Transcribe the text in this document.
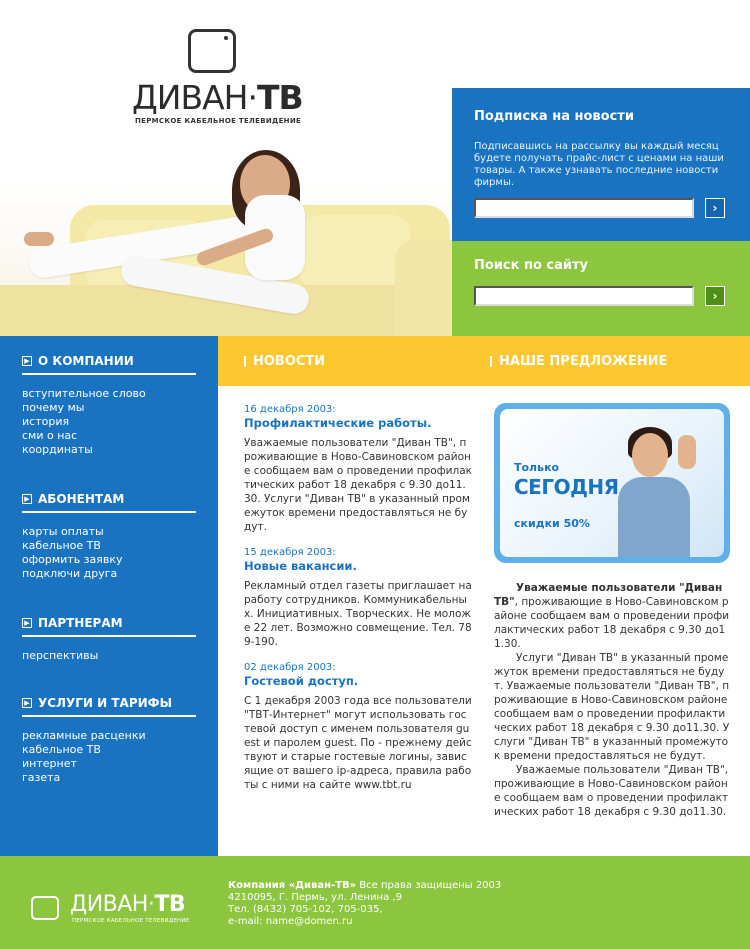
ДИВАН·ТВ
ПЕРМСКОЕ КАБЕЛЬНОЕ ТЕЛЕВИДЕНИЕ	Подписка на новости
Подписавшись на рассылку вы каждый месяц будете получать прайс-лист с ценами на наши товары. А также узнавать последние новости фирмы.
›
Поиск по сайту
›
▶ О КОМПАНИИ
вступительное слово
почему мы
история
сми о нас
координаты
▶ АБОНЕНТАМ
карты оплаты
кабельное ТВ
оформить заявку
подключи друга
▶ ПАРТНЕРАМ
перспективы
▶ УСЛУГИ И ТАРИФЫ
рекламные расценки
кабельное ТВ
интернет
газета
НОВОСТИ	НАШЕ ПРЕДЛОЖЕНИЕ
16 декабря 2003:
Профилактические работы.
Уважаемые пользователи "Диван ТВ", проживающие в Ново-Савиновском районе сообщаем вам о проведении профилактических работ 18 декабря с 9.30 до11.30. Услуги "Диван ТВ" в указанный промежуток времени предоставляться не будут.
15 декабря 2003:
Новые вакансии.
Рекламный отдел газеты приглашает на работу сотрудников. Коммуникабельных. Инициативных. Творческих. Не моложе 22 лет. Возможно совмещение. Тел. 789-190.
02 декабря 2003:
Гостевой доступ.
С 1 декабря 2003 года все пользователи "ТВТ-Интернет" могут использовать гостевой доступ с именем пользователя guest и паролем guest. По - прежнему действуют и старые гостевые логины, зависящие от вашего ip-адреса, правила работы с ними на сайте www.tbt.ru
Только
СЕГОДНЯ
скидки 50%

Уважаемые пользователи "Диван ТВ", проживающие в Ново-Савиновском районе сообщаем вам о проведении профилактических работ 18 декабря с 9.30 до11.30.

Услуги "Диван ТВ" в указанный промежуток времени предоставляться не будут. Уважаемые пользователи "Диван ТВ", проживающие в Ново-Савиновском районе сообщаем вам о проведении профилактических работ 18 декабря с 9.30 до11.30. Услуги "Диван ТВ" в указанный промежуток времени предоставляться не будут.

Уважаемые пользователи "Диван ТВ", проживающие в Ново-Савиновском районе сообщаем вам о проведении профилактических работ 18 декабря с 9.30 до11.30.

ДИВАН·ТВ
ПЕРМСКОЕ КАБЕЛЬНОЕ ТЕЛЕВИДЕНИЕ
Компания «Диван-ТВ» Все права защищены 2003
4210095, Г. Пермь, ул. Ленина ,9
Тел. (8432) 705-102, 705-035,
e-mail: name@domen.ru
